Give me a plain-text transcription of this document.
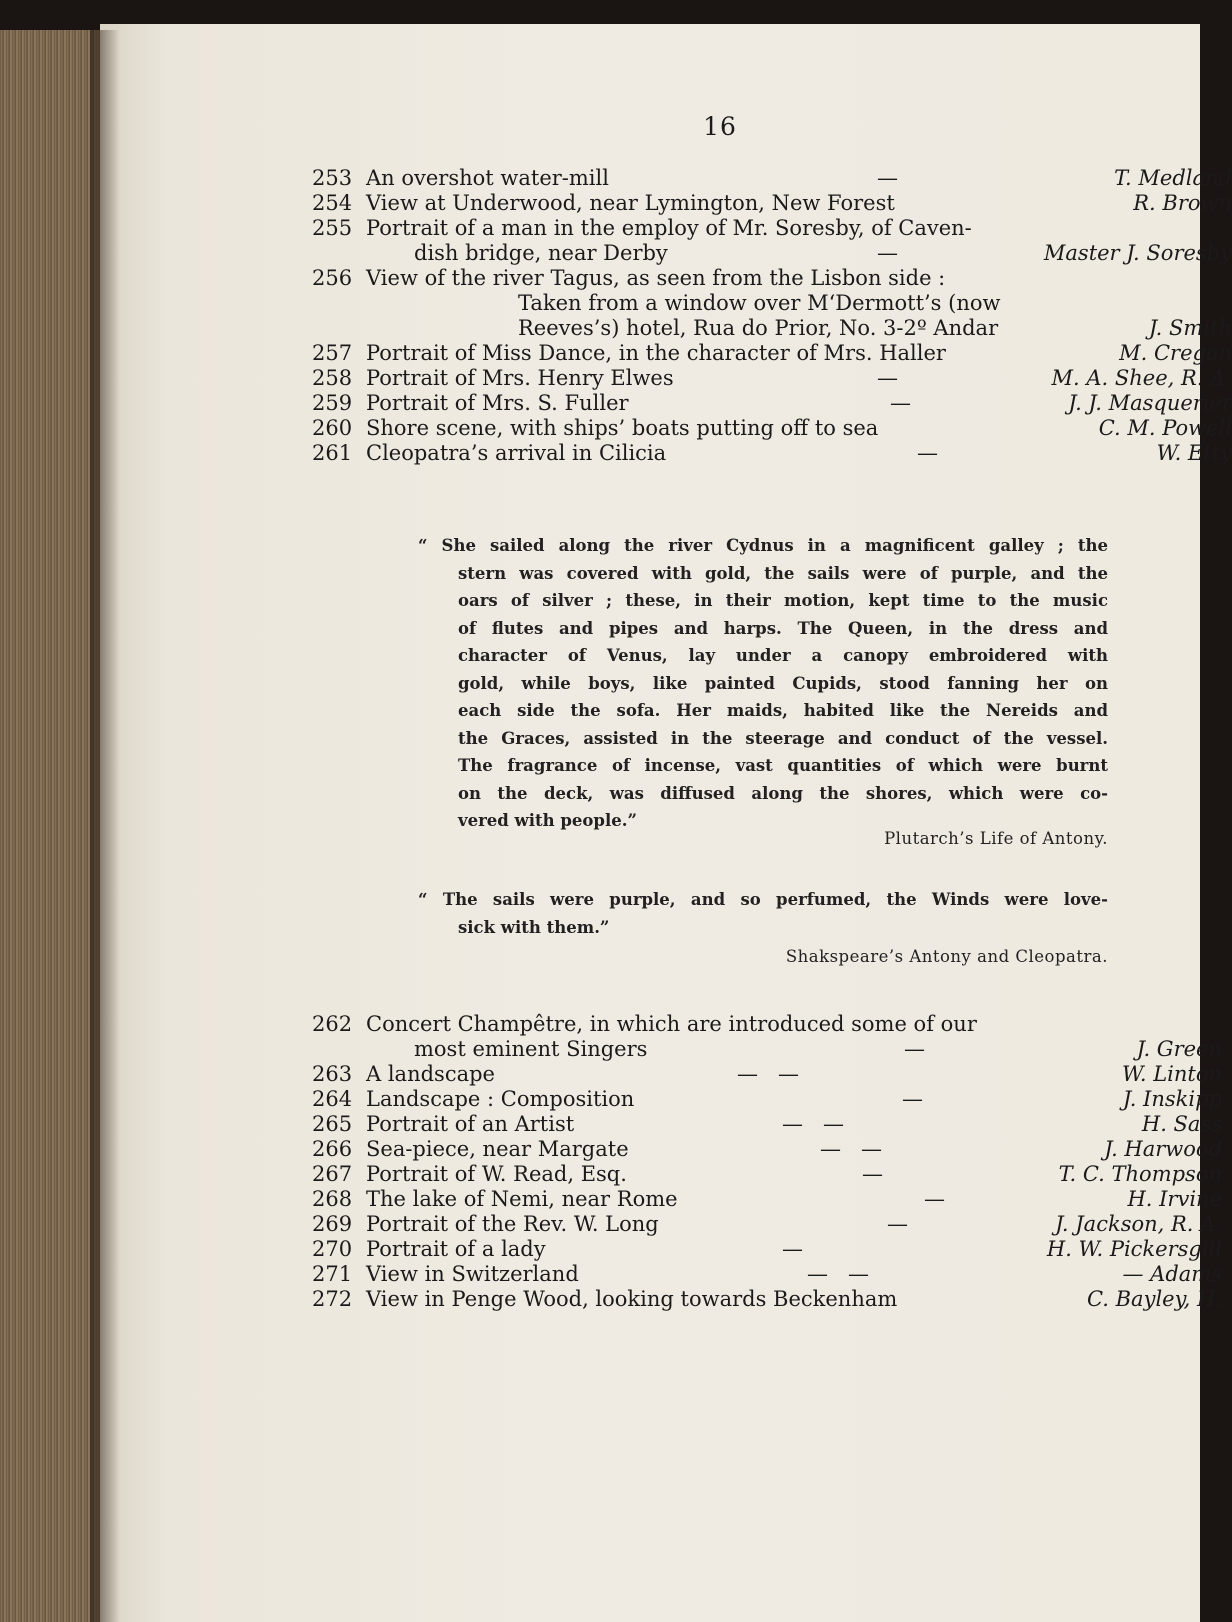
16
253 An overshot water-mill	—	T. Medland
254 View at Underwood, near Lymington, New Forest	R. Brown
255 Portrait of a man in the employ of Mr. Soresby, of Caven-
dish bridge, near Derby	—	Master J. Soresby
256 View of the river Tagus, as seen from the Lisbon side :
Taken from a window over M‘Dermott’s (now
Reeves’s) hotel, Rua do Prior, No. 3-2º Andar	J. Smith
257 Portrait of Miss Dance, in the character of Mrs. Haller	M. Cregan
258 Portrait of Mrs. Henry Elwes	—	M. A. Shee, R. A.
259 Portrait of Mrs. S. Fuller	—	J. J. Masquerier
260 Shore scene, with ships’ boats putting off to sea	C. M. Powell
261 Cleopatra’s arrival in Cilicia	—	W. Etty
“ She sailed along the river Cydnus in a magnificent galley ; the
stern was covered with gold, the sails were of purple, and the
oars of silver ; these, in their motion, kept time to the music
of flutes and pipes and harps. The Queen, in the dress and
character of Venus, lay under a canopy embroidered with
gold, while boys, like painted Cupids, stood fanning her on
each side the sofa. Her maids, habited like the Nereids and
the Graces, assisted in the steerage and conduct of the vessel.
The fragrance of incense, vast quantities of which were burnt
on the deck, was diffused along the shores, which were co-
vered with people.”
Plutarch’s Life of Antony.
“ The sails were purple, and so perfumed, the Winds were love-
sick with them.”
Shakspeare’s Antony and Cleopatra.
262 Concert Champêtre, in which are introduced some of our
most eminent Singers	—	J. Green
263 A landscape	—   —	W. Linton
264 Landscape : Composition	—	J. Inskipp
265 Portrait of an Artist	—   —	H. Sass
266 Sea-piece, near Margate	—   —	J. Harwood
267 Portrait of W. Read, Esq.	—	T. C. Thompson
268 The lake of Nemi, near Rome	—	H. Irvine
269 Portrait of the Rev. W. Long	—	J. Jackson, R. A.
270 Portrait of a lady	—	H. W. Pickersgill
271 View in Switzerland	—   —	— Adams
272 View in Penge Wood, looking towards Beckenham	C. Bayley, H.
